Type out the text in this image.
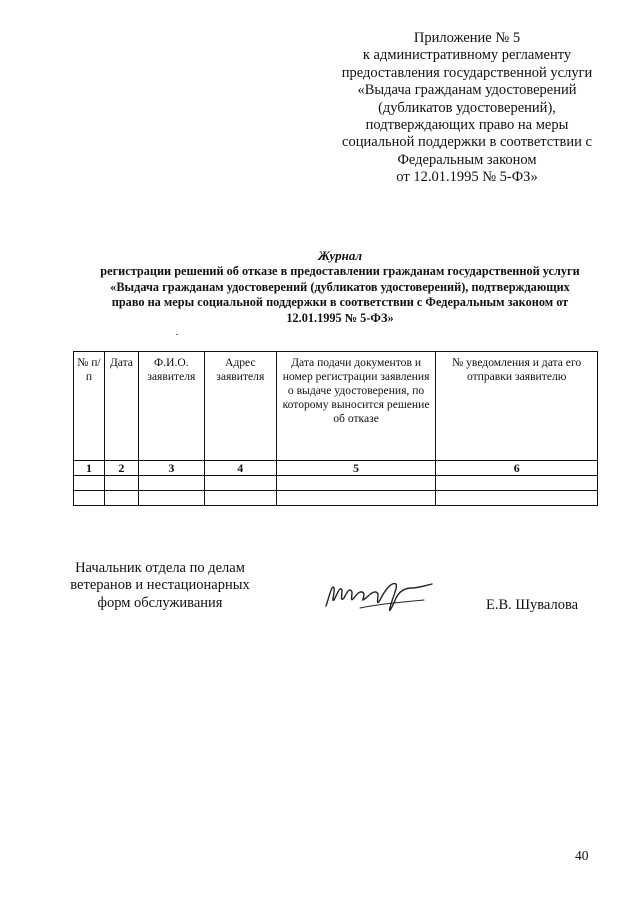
Приложение № 5
к административному регламенту
предоставления государственной услуги
«Выдача гражданам удостоверений
(дубликатов удостоверений),
подтверждающих право на меры
социальной поддержки в соответствии с
Федеральным законом
от 12.01.1995 № 5-ФЗ»
Журнал
регистрации решений об отказе в предоставлении гражданам государственной услуги
«Выдача гражданам удостоверений (дубликатов удостоверений), подтверждающих
право на меры социальной поддержки в соответствии с Федеральным законом от
12.01.1995 № 5-ФЗ»
№ п/п	Дата	Ф.И.О. заявителя	Адрес заявителя	Дата подачи документов и номер регистрации заявления о выдаче удостоверения, по которому выносится решение об отказе	№ уведомления и дата его отправки заявителю
1	2	3	4	5	6

Начальник отдела по делам
ветеранов и нестационарных
форм обслуживания	Е.В. Шувалова
40
